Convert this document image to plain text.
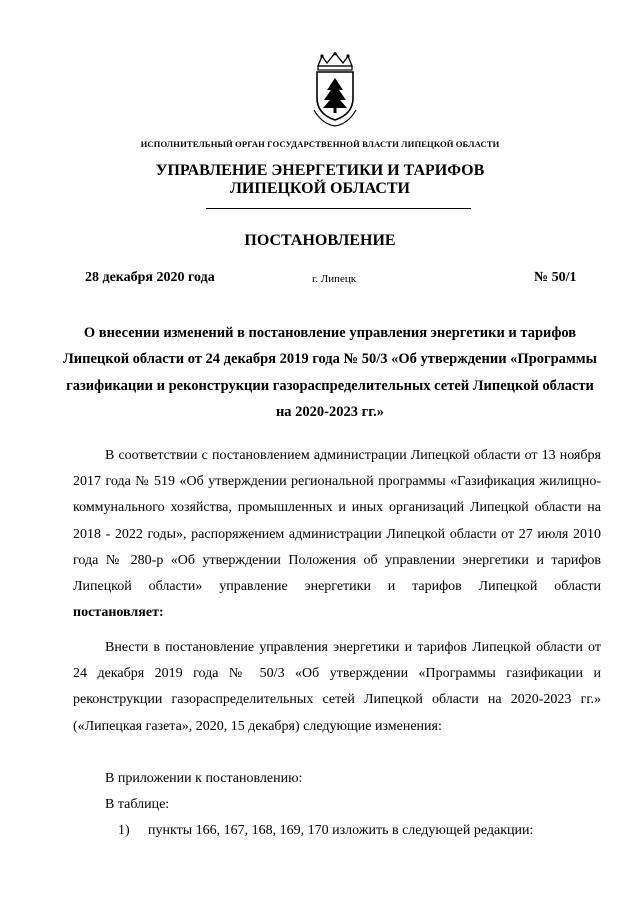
ИСПОЛНИТЕЛЬНЫЙ ОРГАН ГОСУДАРСТВЕННОЙ ВЛАСТИ ЛИПЕЦКОЙ ОБЛАСТИ
УПРАВЛЕНИЕ ЭНЕРГЕТИКИ И ТАРИФОВ
ЛИПЕЦКОЙ ОБЛАСТИ
ПОСТАНОВЛЕНИЕ
28 декабря 2020 года	г. Липецк	№ 50/1
О внесении изменений в постановление управления энергетики и тарифов Липецкой области от 24 декабря 2019 года № 50/3 «Об утверждении «Программы газификации и реконструкции газораспределительных сетей Липецкой области на 2020-2023 гг.»
В соответствии с постановлением администрации Липецкой области от 13 ноября 2017 года № 519 «Об утверждении региональной программы «Газификация жилищно-коммунального хозяйства, промышленных и иных организаций Липецкой области на 2018 - 2022 годы», распоряжением администрации Липецкой области от 27 июля 2010 года № 280-р «Об утверждении Положения об управлении энергетики и тарифов Липецкой области» управление энергетики и тарифов Липецкой области постановляет:
Внести в постановление управления энергетики и тарифов Липецкой области от 24 декабря 2019 года № 50/3 «Об утверждении «Программы газификации и реконструкции газораспределительных сетей Липецкой области на 2020-2023 гг.» («Липецкая газета», 2020, 15 декабря) следующие изменения:
В приложении к постановлению:
В таблице:
1) пункты 166, 167, 168, 169, 170 изложить в следующей редакции:
